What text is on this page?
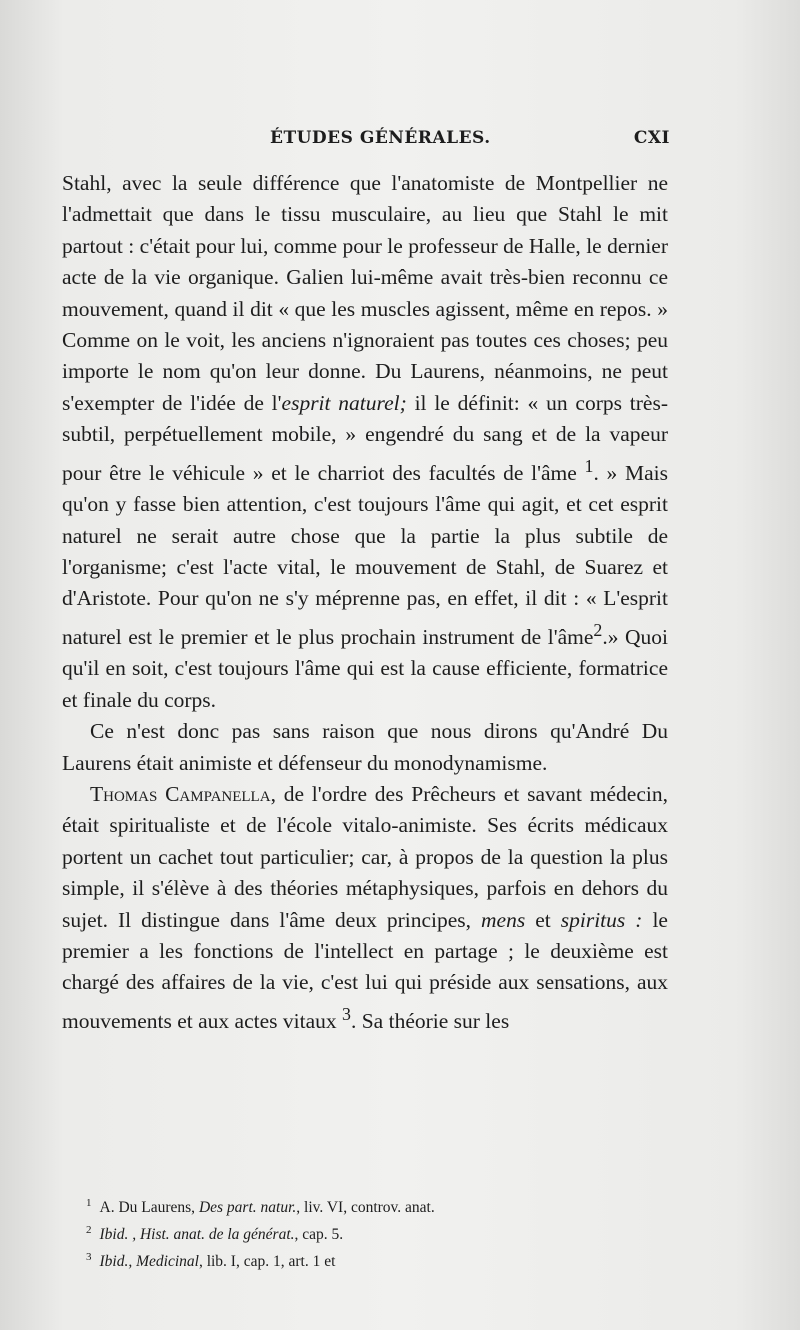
ÉTUDES GÉNÉRALES.	CXI

Stahl, avec la seule différence que l'anatomiste de Montpellier ne l'admettait que dans le tissu musculaire, au lieu que Stahl le mit partout : c'était pour lui, comme pour le professeur de Halle, le dernier acte de la vie organique. Galien lui-même avait très-bien reconnu ce mouvement, quand il dit « que les muscles agissent, même en repos. » Comme on le voit, les anciens n'ignoraient pas toutes ces choses; peu importe le nom qu'on leur donne. Du Laurens, néanmoins, ne peut s'exempter de l'idée de l'esprit naturel; il le définit: « un corps très-subtil, perpétuellement mobile, » engendré du sang et de la vapeur pour être le véhicule » et le charriot des facultés de l'âme $^1$. » Mais qu'on y fasse bien attention, c'est toujours l'âme qui agit, et cet esprit naturel ne serait autre chose que la partie la plus subtile de l'organisme; c'est l'acte vital, le mouvement de Stahl, de Suarez et d'Aristote. Pour qu'on ne s'y méprenne pas, en effet, il dit : « L'esprit naturel est le premier et le plus prochain instrument de l'âme$^2$.» Quoi qu'il en soit, c'est toujours l'âme qui est la cause efficiente, formatrice et finale du corps.

Ce n'est donc pas sans raison que nous dirons qu'André Du Laurens était animiste et défenseur du monodynamisme.

Thomas Campanella, de l'ordre des Prêcheurs et savant médecin, était spiritualiste et de l'école vitalo-animiste. Ses écrits médicaux portent un cachet tout particulier; car, à propos de la question la plus simple, il s'élève à des théories métaphysiques, parfois en dehors du sujet. Il distingue dans l'âme deux principes, mens et spiritus : le premier a les fonctions de l'intellect en partage ; le deuxième est chargé des affaires de la vie, c'est lui qui préside aux sensations, aux mouvements et aux actes vitaux $^3$. Sa théorie sur les

$^1$ A. Du Laurens, Des part. natur., liv. VI, controv. anat.
$^2$ Ibid. , Hist. anat. de la générat., cap. 5.
$^3$ Ibid., Medicinal, lib. I, cap. 1, art. 1 et
